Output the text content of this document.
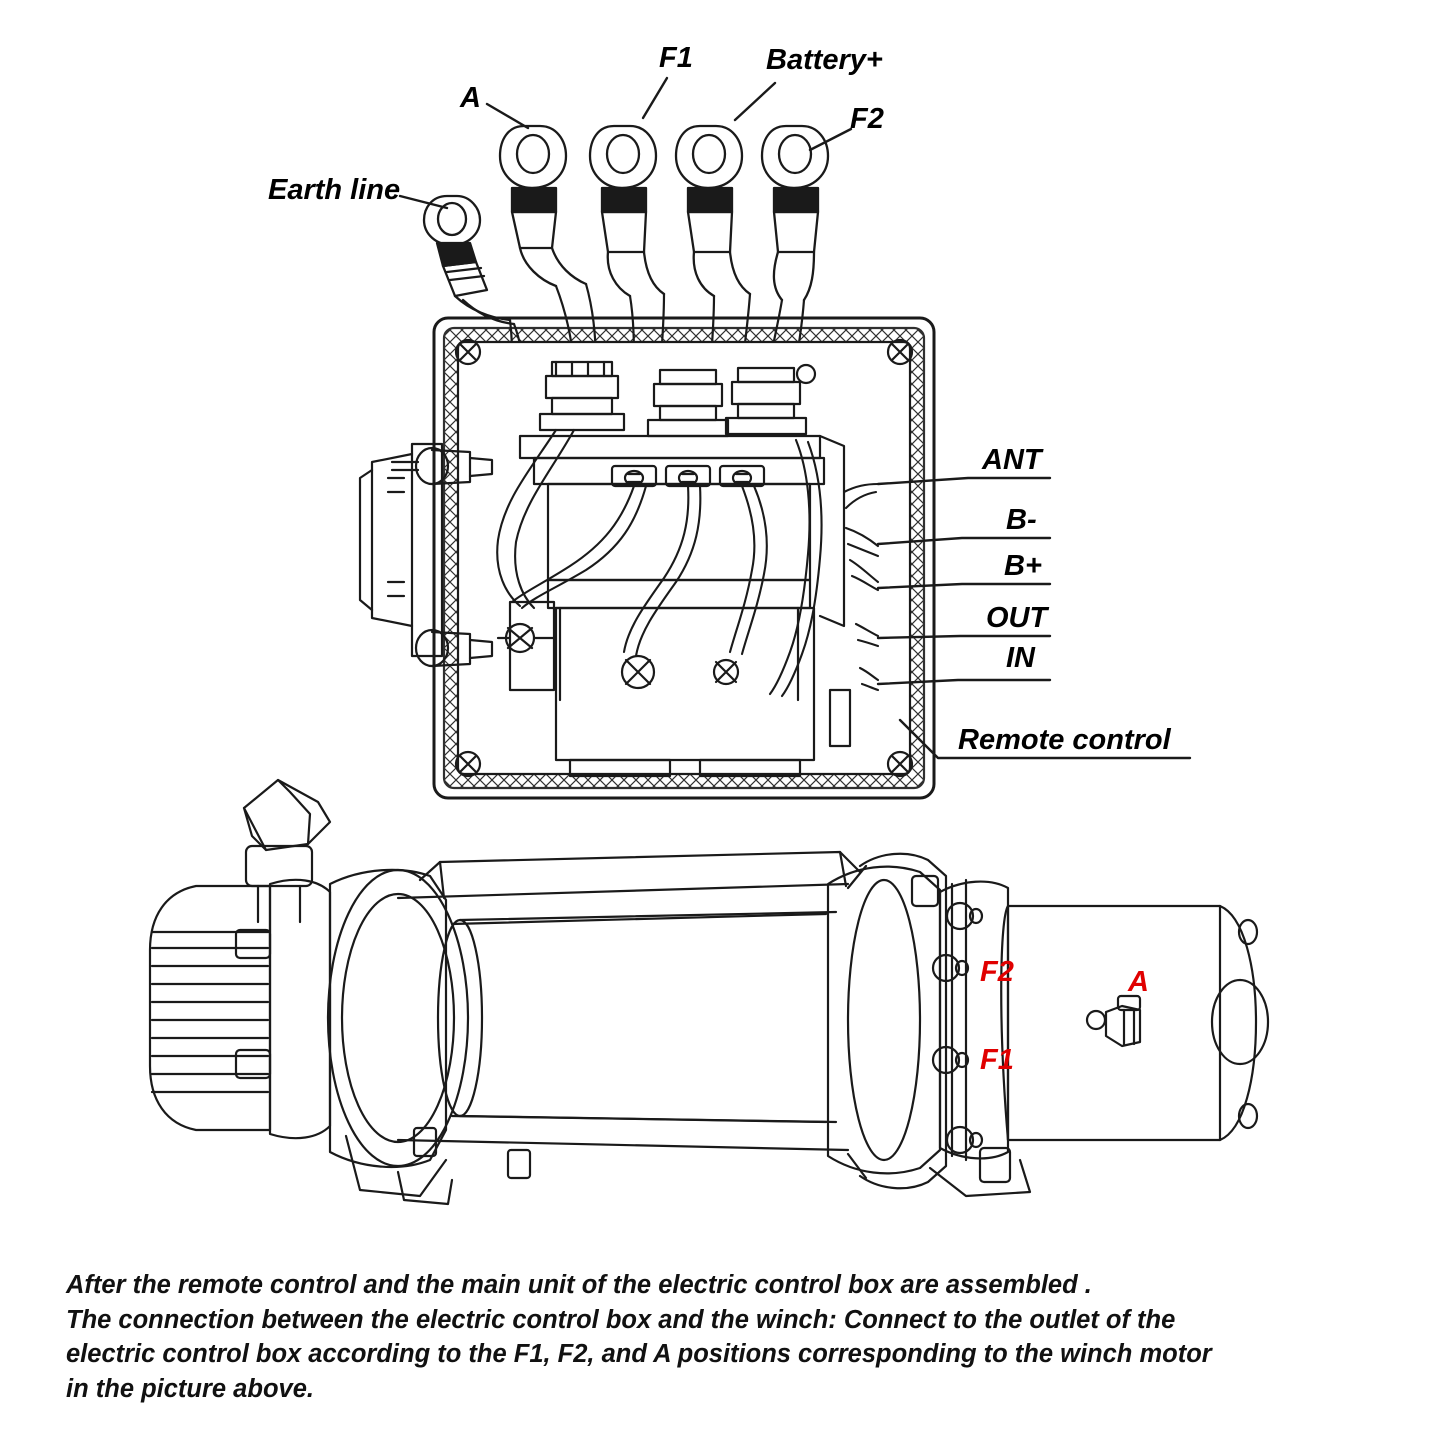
Earth line
A
F1	Battery+
F2
ANT
B-
B+
OUT
IN
Remote control
F2
F1
A
After the remote control and the main unit of the electric control box are assembled .
The connection between the electric control box and the winch: Connect to the outlet of the
electric control box according to the F1, F2, and A positions corresponding to the winch motor
in the picture above.
